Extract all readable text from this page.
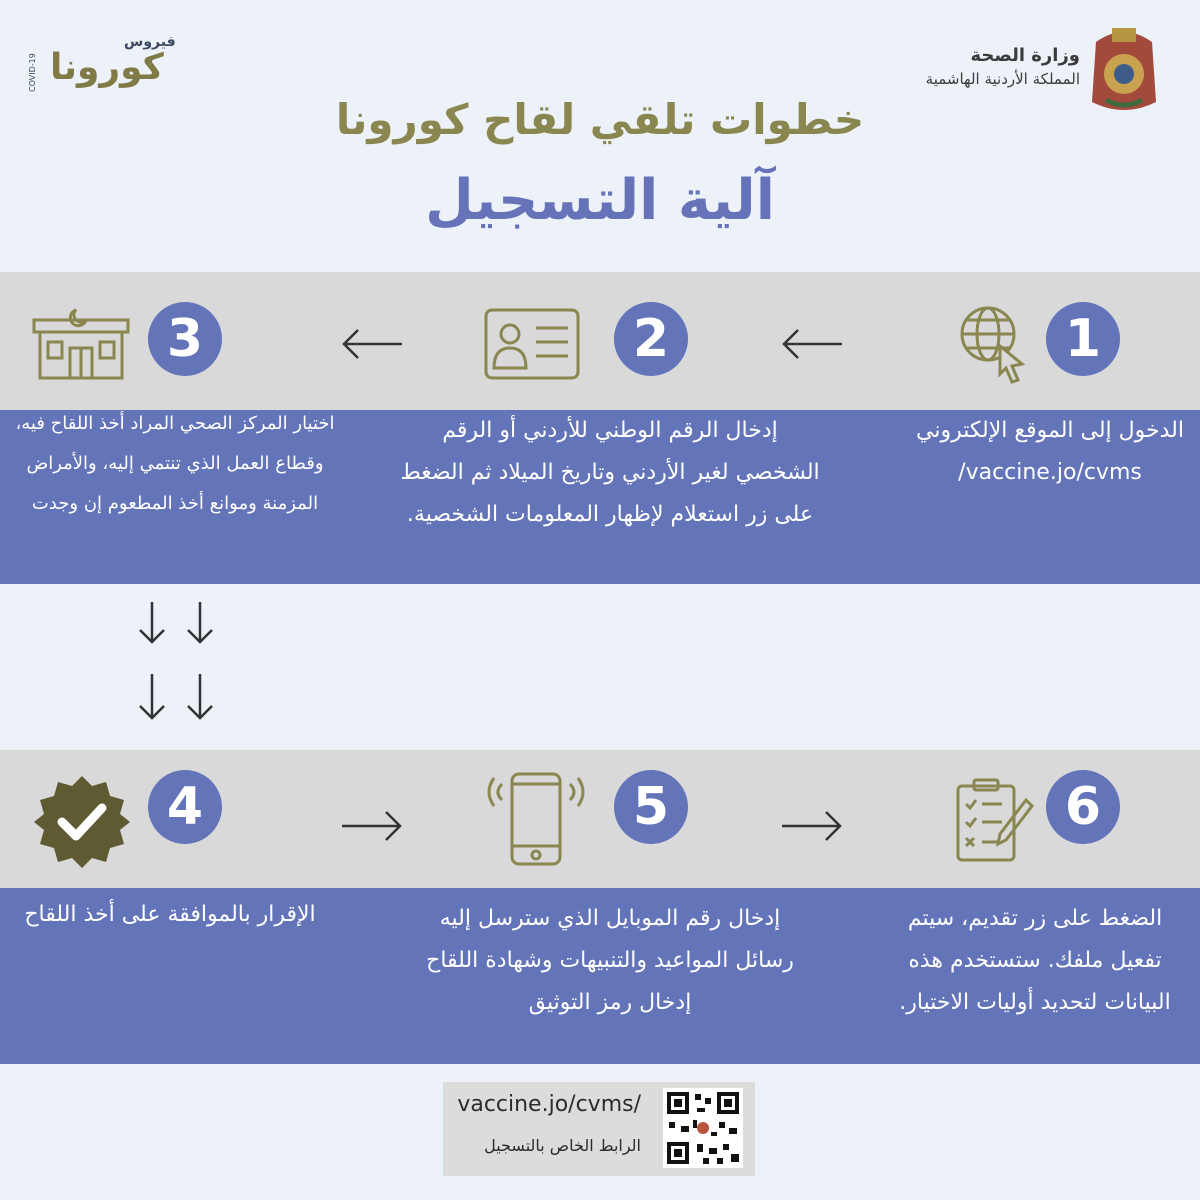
وزارة الصحة
المملكة الأردنية الهاشمية
فيروس
كورونا
COVID-19
خطوات تلقي لقاح كورونا
آلية التسجيل
1
2
3
الدخول إلى الموقع الإلكتروني vaccine.jo/cvms/
إدخال الرقم الوطني للأردني أو الرقم الشخصي لغير الأردني وتاريخ الميلاد ثم الضغط على زر استعلام لإظهار المعلومات الشخصية.
اختيار المركز الصحي المراد أخذ اللقاح فيه، وقطاع العمل الذي تنتمي إليه، والأمراض المزمنة وموانع أخذ المطعوم إن وجدت
4	5	6
الضغط على زر تقديم، سيتم تفعيل ملفك. ستستخدم هذه البيانات لتحديد أوليات الاختيار.
إدخال رقم الموبايل الذي سترسل إليه رسائل المواعيد والتنبيهات وشهادة اللقاح إدخال رمز التوثيق
الإقرار بالموافقة على أخذ اللقاح
vaccine.jo/cvms/
الرابط الخاص بالتسجيل
